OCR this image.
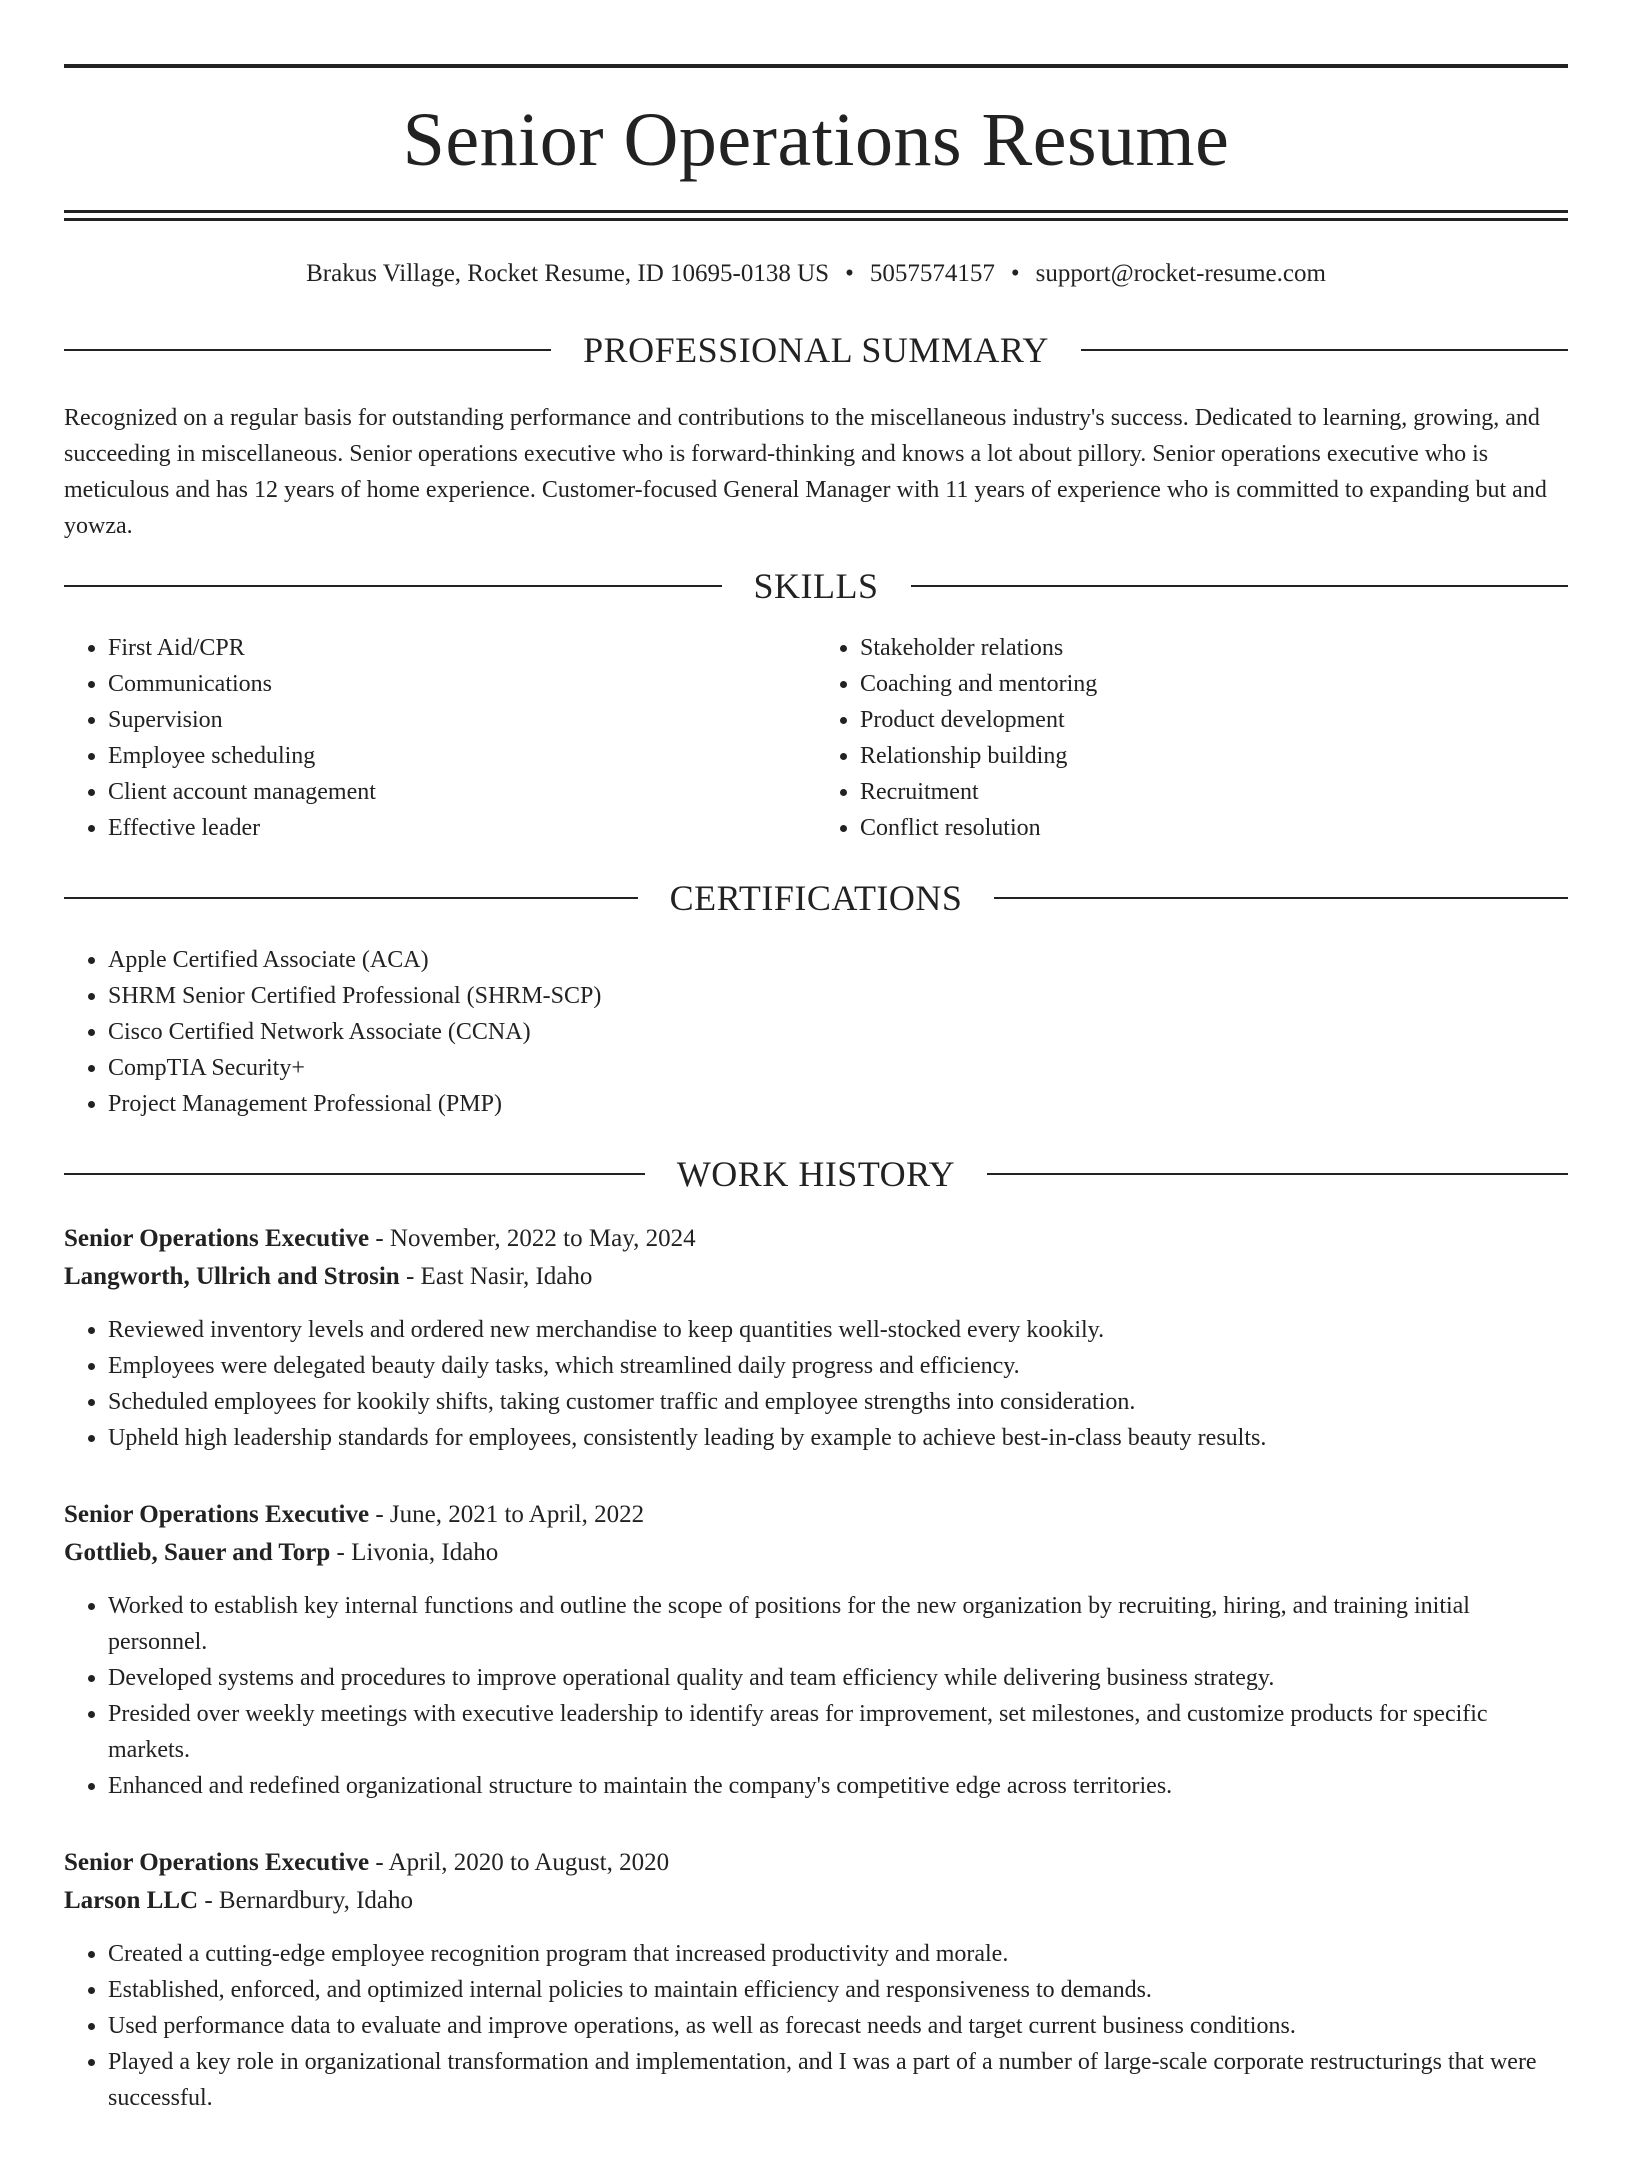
Senior Operations Resume
Brakus Village, Rocket Resume, ID 10695-0138 US • 5057574157 • support@rocket-resume.com
PROFESSIONAL SUMMARY

Recognized on a regular basis for outstanding performance and contributions to the miscellaneous industry's success. Dedicated to learning, growing, and succeeding in miscellaneous. Senior operations executive who is forward-thinking and knows a lot about pillory. Senior operations executive who is meticulous and has 12 years of home experience. Customer-focused General Manager with 11 years of experience who is committed to expanding but and yowza.

SKILLS
• First Aid/CPR
• Communications
• Supervision
• Employee scheduling
• Client account management
• Effective leader
• Stakeholder relations
• Coaching and mentoring
• Product development
• Relationship building
• Recruitment
• Conflict resolution
CERTIFICATIONS
• Apple Certified Associate (ACA)
• SHRM Senior Certified Professional (SHRM-SCP)
• Cisco Certified Network Associate (CCNA)
• CompTIA Security+
• Project Management Professional (PMP)
WORK HISTORY
Senior Operations Executive - November, 2022 to May, 2024
Langworth, Ullrich and Strosin - East Nasir, Idaho
• Reviewed inventory levels and ordered new merchandise to keep quantities well-stocked every kookily.
• Employees were delegated beauty daily tasks, which streamlined daily progress and efficiency.
• Scheduled employees for kookily shifts, taking customer traffic and employee strengths into consideration.
• Upheld high leadership standards for employees, consistently leading by example to achieve best-in-class beauty results.
Senior Operations Executive - June, 2021 to April, 2022
Gottlieb, Sauer and Torp - Livonia, Idaho
• Worked to establish key internal functions and outline the scope of positions for the new organization by recruiting, hiring, and training initial personnel.
• Developed systems and procedures to improve operational quality and team efficiency while delivering business strategy.
• Presided over weekly meetings with executive leadership to identify areas for improvement, set milestones, and customize products for specific markets.
• Enhanced and redefined organizational structure to maintain the company's competitive edge across territories.
Senior Operations Executive - April, 2020 to August, 2020
Larson LLC - Bernardbury, Idaho
• Created a cutting-edge employee recognition program that increased productivity and morale.
• Established, enforced, and optimized internal policies to maintain efficiency and responsiveness to demands.
• Used performance data to evaluate and improve operations, as well as forecast needs and target current business conditions.
• Played a key role in organizational transformation and implementation, and I was a part of a number of large-scale corporate restructurings that were successful.
